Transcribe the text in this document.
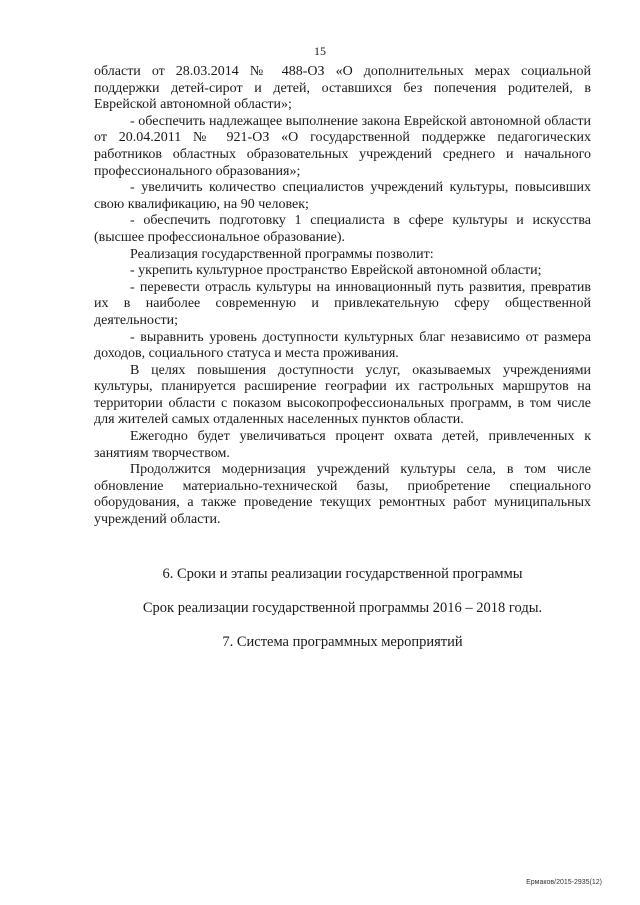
15

области от 28.03.2014 № 488-ОЗ «О дополнительных мерах социальной поддержки детей-сирот и детей, оставшихся без попечения родителей, в Еврейской автономной области»;

- обеспечить надлежащее выполнение закона Еврейской автономной области от 20.04.2011 № 921-ОЗ «О государственной поддержке педагогических работников областных образовательных учреждений среднего и начального профессионального образования»;

- увеличить количество специалистов учреждений культуры, повысивших свою квалификацию, на 90 человек;

- обеспечить подготовку 1 специалиста в сфере культуры и искусства (высшее профессиональное образование).

Реализация государственной программы позволит:

- укрепить культурное пространство Еврейской автономной области;

- перевести отрасль культуры на инновационный путь развития, превратив их в наиболее современную и привлекательную сферу общественной деятельности;

- выравнить уровень доступности культурных благ независимо от размера доходов, социального статуса и места проживания.

В целях повышения доступности услуг, оказываемых учреждениями культуры, планируется расширение географии их гастрольных маршрутов на территории области с показом высокопрофессиональных программ, в том числе для жителей самых отдаленных населенных пунктов области.

Ежегодно будет увеличиваться процент охвата детей, привлеченных к занятиям творчеством.

Продолжится модернизация учреждений культуры села, в том числе обновление материально-технической базы, приобретение специального оборудования, а также проведение текущих ремонтных работ муниципальных учреждений области.

6. Сроки и этапы реализации государственной программы
Срок реализации государственной программы 2016 – 2018 годы.
7. Система программных мероприятий
Ермаков/2015-2935(12)
